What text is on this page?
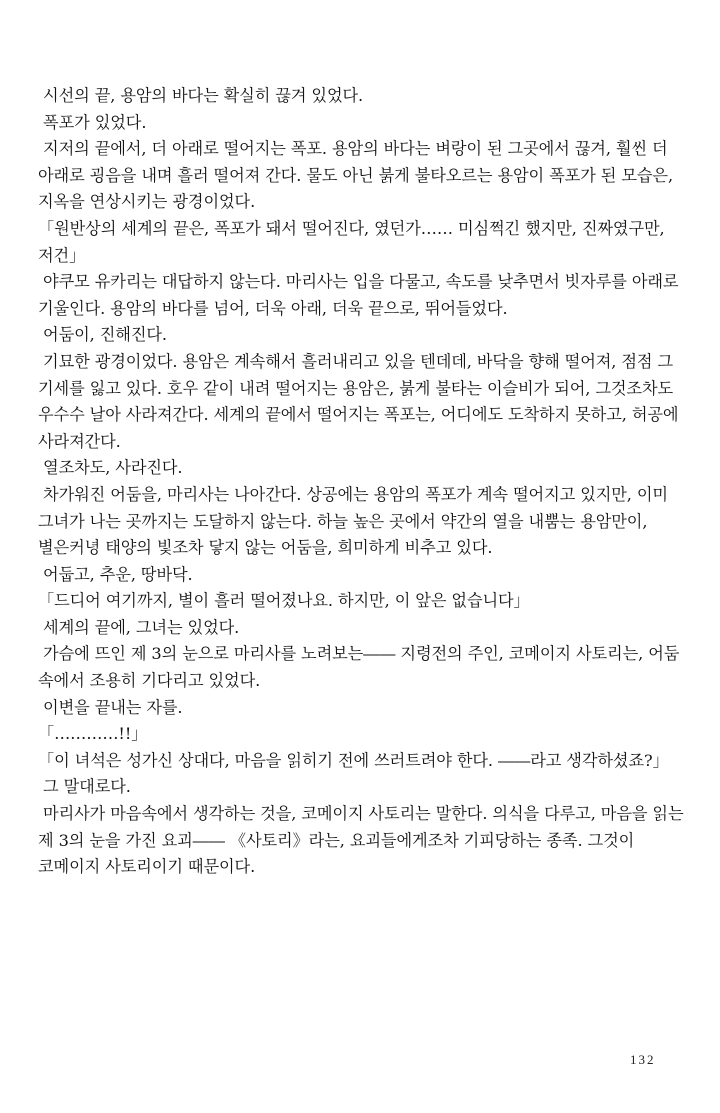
시선의 끝, 용암의 바다는 확실히 끊겨 있었다.

폭포가 있었다.

지저의 끝에서, 더 아래로 떨어지는 폭포. 용암의 바다는 벼랑이 된 그곳에서 끊겨, 훨씬 더 아래로 굉음을 내며 흘러 떨어져 간다. 물도 아닌 붉게 불타오르는 용암이 폭포가 된 모습은, 지옥을 연상시키는 광경이었다.

「원반상의 세계의 끝은, 폭포가 돼서 떨어진다, 였던가…… 미심쩍긴 했지만, 진짜였구만, 저건」

야쿠모 유카리는 대답하지 않는다. 마리사는 입을 다물고, 속도를 낮추면서 빗자루를 아래로 기울인다. 용암의 바다를 넘어, 더욱 아래, 더욱 끝으로, 뛰어들었다.

어둠이, 진해진다.

기묘한 광경이었다. 용암은 계속해서 흘러내리고 있을 텐데데, 바닥을 향해 떨어져, 점점 그 기세를 잃고 있다. 호우 같이 내려 떨어지는 용암은, 붉게 불타는 이슬비가 되어, 그것조차도 우수수 날아 사라져간다. 세계의 끝에서 떨어지는 폭포는, 어디에도 도착하지 못하고, 허공에 사라져간다.

열조차도, 사라진다.

차가워진 어둠을, 마리사는 나아간다. 상공에는 용암의 폭포가 계속 떨어지고 있지만, 이미 그녀가 나는 곳까지는 도달하지 않는다. 하늘 높은 곳에서 약간의 열을 내뿜는 용암만이, 별은커녕 태양의 빛조차 닿지 않는 어둠을, 희미하게 비추고 있다.

어둡고, 추운, 땅바닥.

「드디어 여기까지, 별이 흘러 떨어졌나요. 하지만, 이 앞은 없습니다」

세계의 끝에, 그녀는 있었다.

가슴에 뜨인 제 3의 눈으로 마리사를 노려보는―― 지령전의 주인, 코메이지 사토리는, 어둠 속에서 조용히 기다리고 있었다.

이변을 끝내는 자를.

「…………!!」

「이 녀석은 성가신 상대다, 마음을 읽히기 전에 쓰러트려야 한다. ――라고 생각하셨죠?」

그 말대로다.

마리사가 마음속에서 생각하는 것을, 코메이지 사토리는 말한다. 의식을 다루고, 마음을 읽는 제 3의 눈을 가진 요괴―― 《사토리》라는, 요괴들에게조차 기피당하는 종족. 그것이 코메이지 사토리이기 때문이다.

132
